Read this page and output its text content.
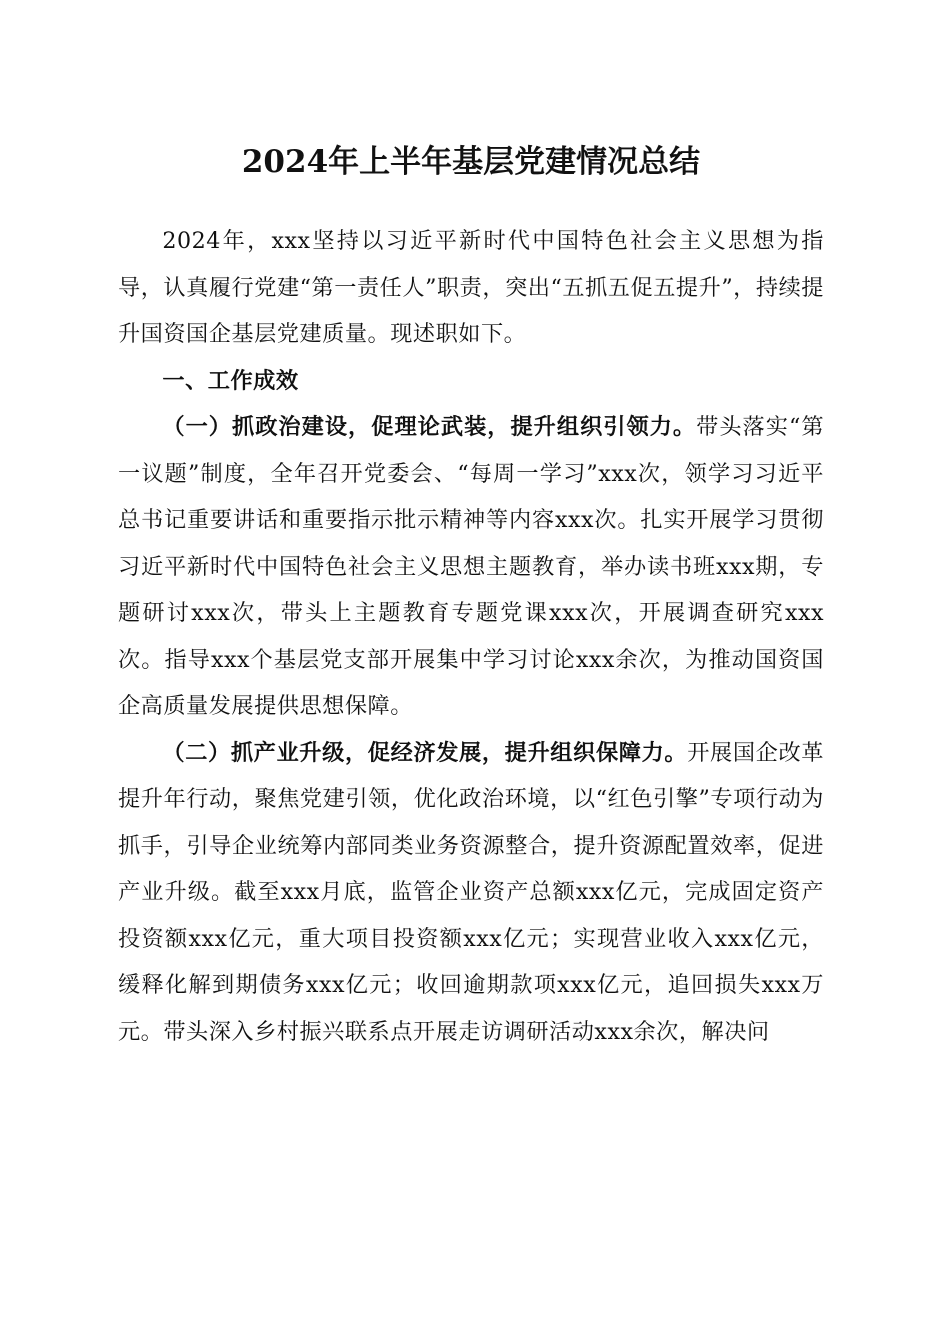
2024年上半年基层党建情况总结

2024年，xxx坚持以习近平新时代中国特色社会主义思想为指导，认真履行党建“第一责任人”职责，突出“五抓五促五提升”，持续提升国资国企基层党建质量。现述职如下。

一、工作成效

（一）抓政治建设，促理论武装，提升组织引领力。带头落实“第一议题”制度，全年召开党委会、“每周一学习”xxx次，领学习习近平总书记重要讲话和重要指示批示精神等内容xxx次。扎实开展学习贯彻习近平新时代中国特色社会主义思想主题教育，举办读书班xxx期，专题研讨xxx次，带头上主题教育专题党课xxx次，开展调查研究xxx次。指导xxx个基层党支部开展集中学习讨论xxx余次，为推动国资国企高质量发展提供思想保障。

（二）抓产业升级，促经济发展，提升组织保障力。开展国企改革提升年行动，聚焦党建引领，优化政治环境，以“红色引擎”专项行动为抓手，引导企业统筹内部同类业务资源整合，提升资源配置效率，促进产业升级。截至xxx月底，监管企业资产总额xxx亿元，完成固定资产投资额xxx亿元，重大项目投资额xxx亿元；实现营业收入xxx亿元，缓释化解到期债务xxx亿元；收回逾期款项xxx亿元，追回损失xxx万元。带头深入乡村振兴联系点开展走访调研活动xxx余次，解决问
